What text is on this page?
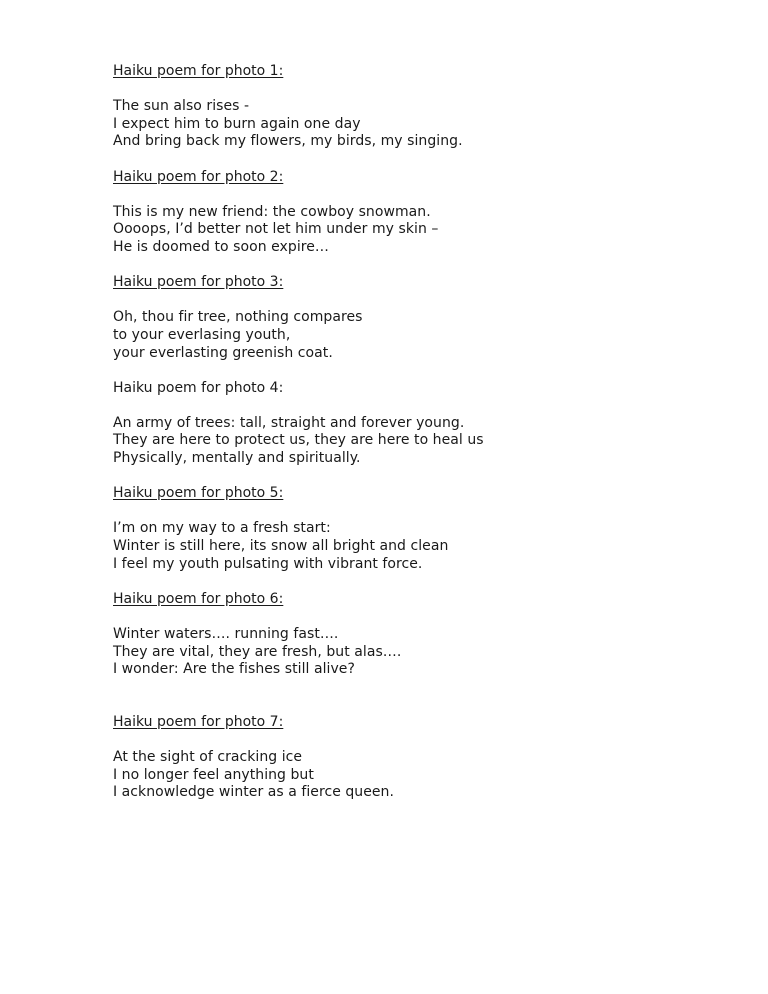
Haiku poem for photo 1:
The sun also rises -
I expect him to burn again one day
And bring back my flowers, my birds, my singing.
Haiku poem for photo 2:
This is my new friend: the cowboy snowman.
Oooops, I’d better not let him under my skin –
He is doomed to soon expire…
Haiku poem for photo 3:
Oh, thou fir tree, nothing compares
to your everlasing youth,
your everlasting greenish coat.
Haiku poem for photo 4:
An army of trees: tall, straight and forever young.
They are here to protect us, they are here to heal us
Physically, mentally and spiritually.
Haiku poem for photo 5:
I’m on my way to a fresh start:
Winter is still here, its snow all bright and clean
I feel my youth pulsating with vibrant force.
Haiku poem for photo 6:
Winter waters…. running fast….
They are vital, they are fresh, but alas….
I wonder: Are the fishes still alive?
Haiku poem for photo 7:
At the sight of cracking ice
I no longer feel anything but
I acknowledge winter as a fierce queen.
